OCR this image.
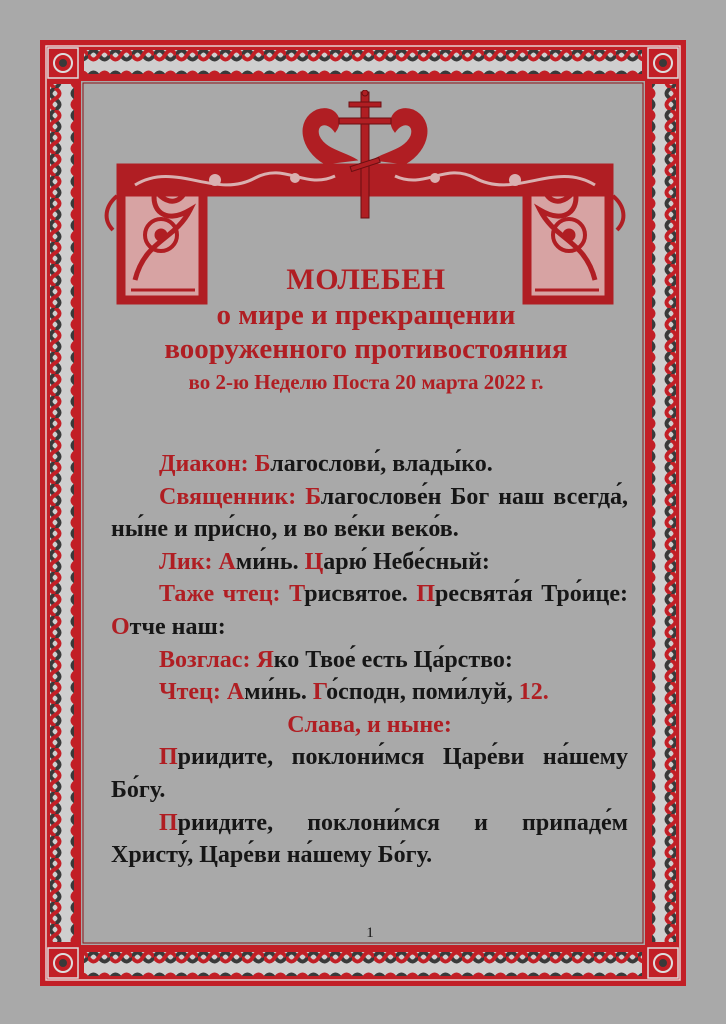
МОЛЕБЕН
о мире и прекращении
вооруженного противостояния
во 2-ю Неделю Поста 20 марта 2022 г.

Диакон: Благослови́, влады́ко.

Священник: Благослове́н Бог наш всегда́, ны́не и при́сно, и во ве́ки веко́в.

Лик: Ами́нь. Царю́ Небе́сный:

Таже чтец: Трисвятое. Пресвята́я Тро́ице: Отче наш:

Возглас: Яко Твое́ есть Ца́рство:

Чтец: Ами́нь. Го́сподн, поми́луй, 12.

Слава, и ныне:

Приидите, поклони́мся Царе́ви на́шему Бо́гу.

Приидите, поклони́мся и припаде́м Христу́, Царе́ви на́шему Бо́гу.

1
